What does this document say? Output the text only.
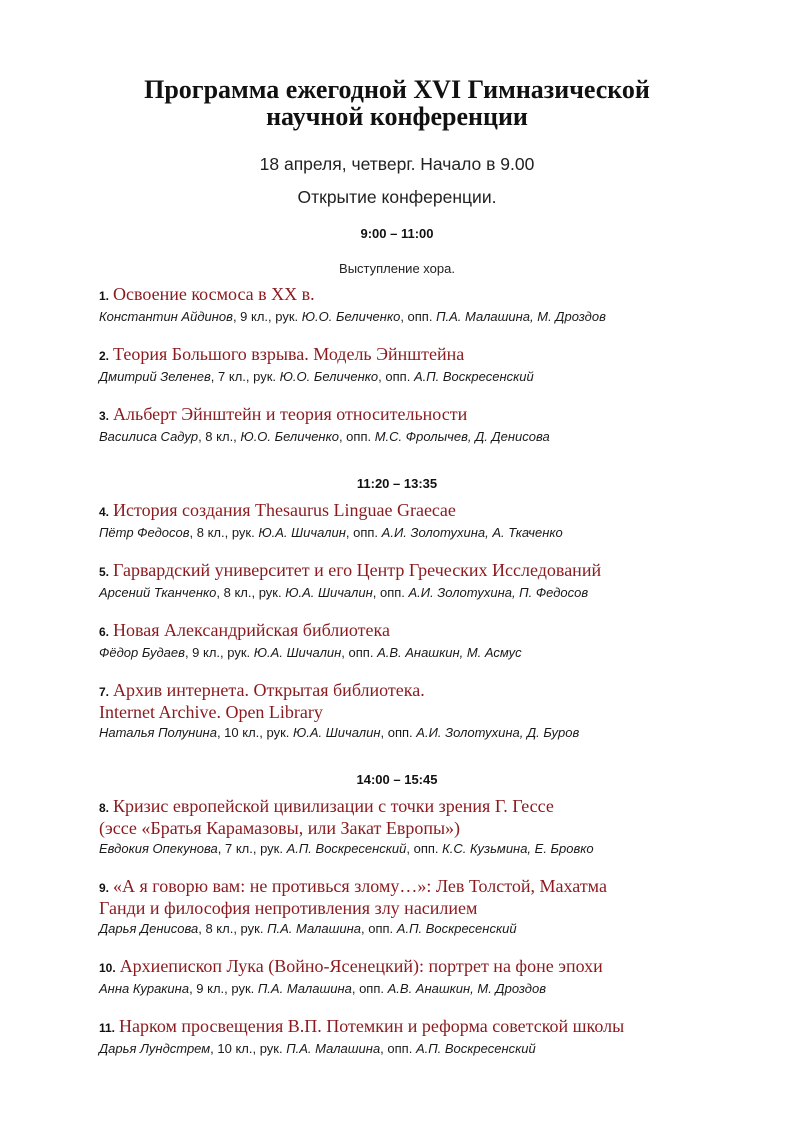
Программа ежегодной XVI Гимназической
научной конференции
18 апреля, четверг. Начало в 9.00
Открытие конференции.
9:00 – 11:00
Выступление хора.
1. Освоение космоса в XX в.
Константин Айдинов, 9 кл., рук. Ю.О. Беличенко, опп. П.А. Малашина, М. Дроздов
2. Теория Большого взрыва. Модель Эйнштейна
Дмитрий Зеленев, 7 кл., рук. Ю.О. Беличенко, опп. А.П. Воскресенский
3. Альберт Эйнштейн и теория относительности
Василиса Садур, 8 кл., Ю.О. Беличенко, опп. М.С. Фролычев, Д. Денисова
11:20 – 13:35
4. История создания Thesaurus Linguae Graecae
Пётр Федосов, 8 кл., рук. Ю.А. Шичалин, опп. А.И. Золотухина, А. Ткаченко
5. Гарвардский университет и его Центр Греческих Исследований
Арсений Тканченко, 8 кл., рук. Ю.А. Шичалин, опп. А.И. Золотухина, П. Федосов
6. Новая Александрийская библиотека
Фёдор Будаев, 9 кл., рук. Ю.А. Шичалин, опп. А.В. Анашкин, М. Асмус
7. Архив интернета. Открытая библиотека.
Internet Archive. Open Library
Наталья Полунина, 10 кл., рук. Ю.А. Шичалин, опп. А.И. Золотухина, Д. Буров
14:00 – 15:45
8. Кризис европейской цивилизации с точки зрения Г. Гессе
(эссе «Братья Карамазовы, или Закат Европы»)
Евдокия Опекунова, 7 кл., рук. А.П. Воскресенский, опп. К.С. Кузьмина, Е. Бровко
9. «А я говорю вам: не противься злому…»: Лев Толстой, Махатма
Ганди и философия непротивления злу насилием
Дарья Денисова, 8 кл., рук. П.А. Малашина, опп. А.П. Воскресенский
10. Архиепископ Лука (Войно-Ясенецкий): портрет на фоне эпохи
Анна Куракина, 9 кл., рук. П.А. Малашина, опп. А.В. Анашкин, М. Дроздов
11. Нарком просвещения В.П. Потемкин и реформа советской школы
Дарья Лундстрем, 10 кл., рук. П.А. Малашина, опп. А.П. Воскресенский
